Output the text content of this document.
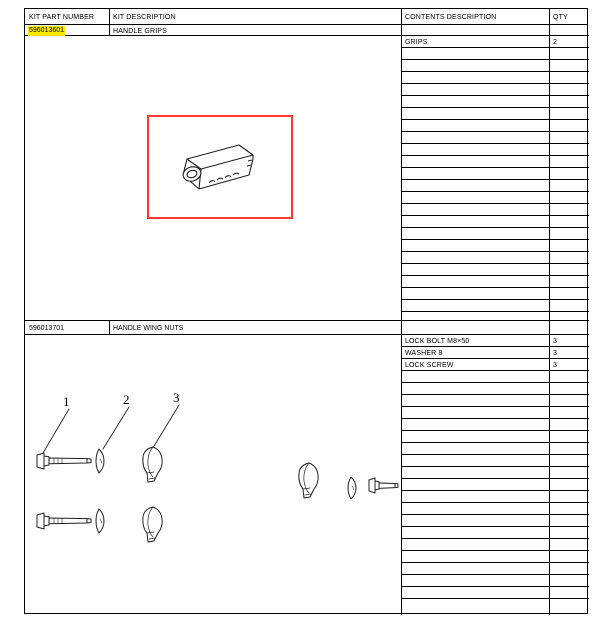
KIT PART NUMBER	KIT DESCRIPTION	CONTENTS DESCRIPTION	QTY
596013601	HANDLE GRIPS
GRIPS	2
596013701	HANDLE WING NUTS
LOCK BOLT M8×50	3
WASHER 8	3
LOCK SCREW	3
1	2	3
